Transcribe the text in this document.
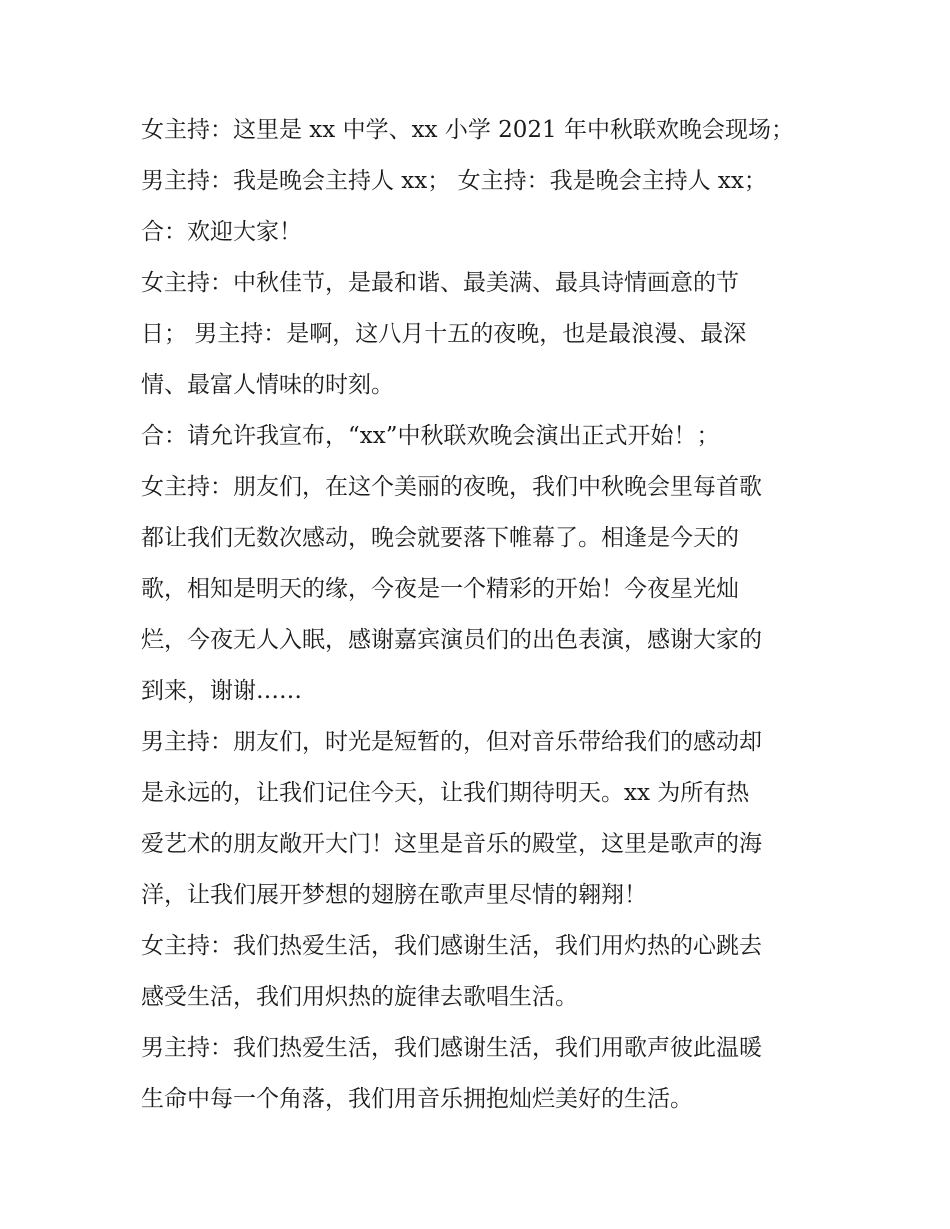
女主持：这里是 xx 中学、xx 小学 2021 年中秋联欢晚会现场；
男主持：我是晚会主持人 xx； 女主持：我是晚会主持人 xx；
合：欢迎大家！
女主持：中秋佳节，是最和谐、最美满、最具诗情画意的节
日； 男主持：是啊，这八月十五的夜晚，也是最浪漫、最深
情、最富人情味的时刻。
合：请允许我宣布，“xx”中秋联欢晚会演出正式开始！；
女主持：朋友们，在这个美丽的夜晚，我们中秋晚会里每首歌
都让我们无数次感动，晚会就要落下帷幕了。相逢是今天的
歌，相知是明天的缘，今夜是一个精彩的开始！今夜星光灿
烂，今夜无人入眠，感谢嘉宾演员们的出色表演，感谢大家的
到来，谢谢……
男主持：朋友们，时光是短暂的，但对音乐带给我们的感动却
是永远的，让我们记住今天，让我们期待明天。xx 为所有热
爱艺术的朋友敞开大门！这里是音乐的殿堂，这里是歌声的海
洋，让我们展开梦想的翅膀在歌声里尽情的翱翔！
女主持：我们热爱生活，我们感谢生活，我们用灼热的心跳去
感受生活，我们用炽热的旋律去歌唱生活。
男主持：我们热爱生活，我们感谢生活，我们用歌声彼此温暖
生命中每一个角落，我们用音乐拥抱灿烂美好的生活。
